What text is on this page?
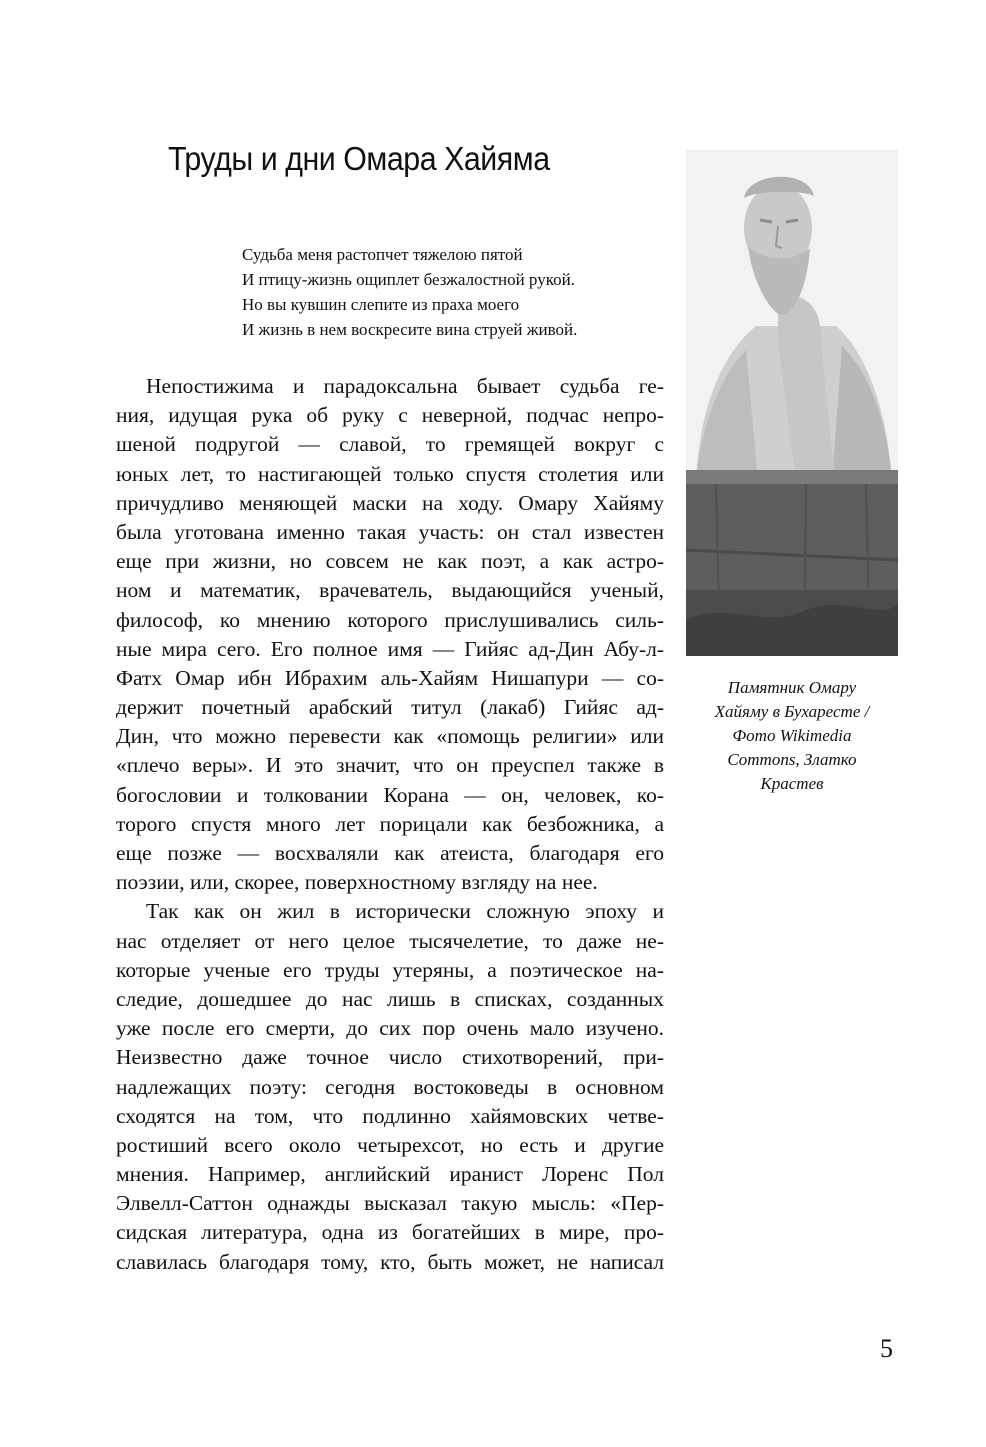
Труды и дни Омара Хайяма
Судьба меня растопчет тяжелою пятой
И птицу-жизнь ощиплет безжалостной рукой.
Но вы кувшин слепите из праха моего
И жизнь в нем воскресите вина струей живой.
Памятник Омару
Хайяму в Бухаресте /
Фото Wikimedia
Commons, Златко
Крастев
Непостижима и парадоксальна бывает судьба ге-
ния, идущая рука об руку с неверной, подчас непро-
шеной подругой — славой, то гремящей вокруг с
юных лет, то настигающей только спустя столетия или
причудливо меняющей маски на ходу. Омару Хайяму
была уготована именно такая участь: он стал известен
еще при жизни, но совсем не как поэт, а как астро-
ном и математик, врачеватель, выдающийся ученый,
философ, ко мнению которого прислушивались силь-
ные мира сего. Его полное имя — Гийяс ад-Дин Абу-л-
Фатх Омар ибн Ибрахим аль-Хайям Нишапури — со-
держит почетный арабский титул (лакаб) Гийяс ад-
Дин, что можно перевести как «помощь религии» или
«плечо веры». И это значит, что он преуспел также в
богословии и толковании Корана — он, человек, ко-
торого спустя много лет порицали как безбожника, а
еще позже — восхваляли как атеиста, благодаря его
поэзии, или, скорее, поверхностному взгляду на нее.
Так как он жил в исторически сложную эпоху и
нас отделяет от него целое тысячелетие, то даже не-
которые ученые его труды утеряны, а поэтическое на-
следие, дошедшее до нас лишь в списках, созданных
уже после его смерти, до сих пор очень мало изучено.
Неизвестно даже точное число стихотворений, при-
надлежащих поэту: сегодня востоковеды в основном
сходятся на том, что подлинно хайямовских четве-
ростиший всего около четырехсот, но есть и другие
мнения. Например, английский иранист Лоренс Пол
Элвелл-Саттон однажды высказал такую мысль: «Пер-
сидская литература, одна из богатейших в мире, про-
славилась благодаря тому, кто, быть может, не написал
5
